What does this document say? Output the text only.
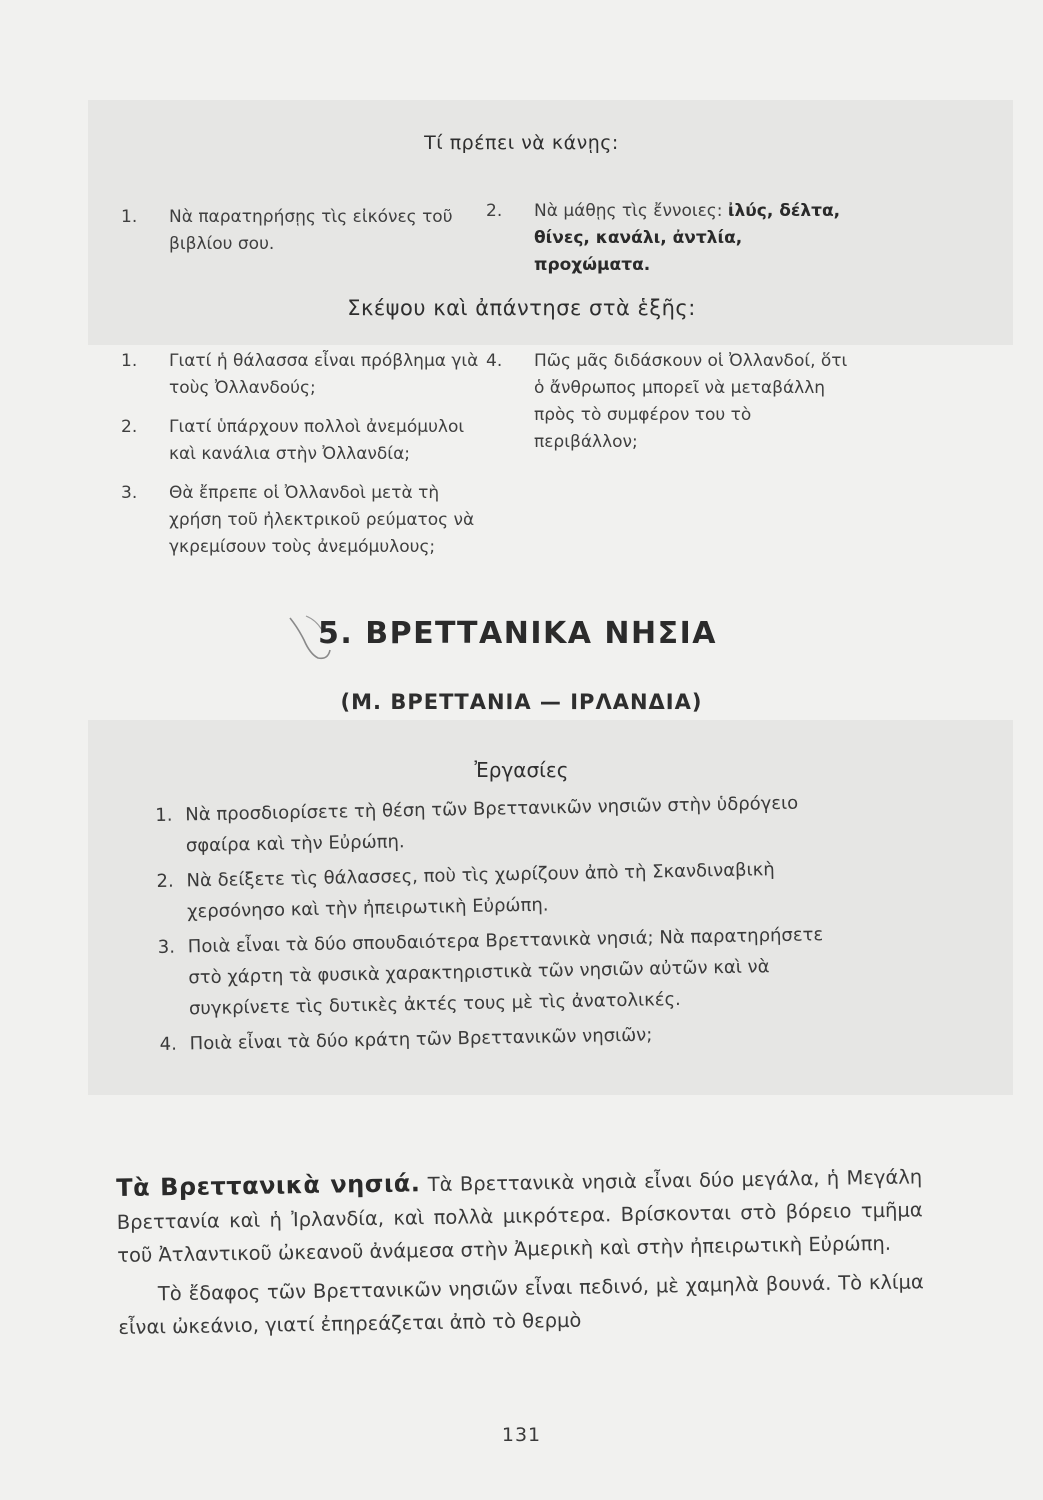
Τί πρέπει νὰ κάνῃς:
1. Νὰ παρατηρήσῃς τὶς εἰκόνες τοῦ βιβλίου σου.
2. Νὰ μάθῃς τὶς ἔννοιες: ἰλύς, δέλτα, θίνες, κανάλι, ἀντλία, προχώματα.
Σκέψου καὶ ἀπάντησε στὰ ἑξῆς:
1. Γιατί ἡ θάλασσα εἶναι πρόβλημα γιὰ τοὺς Ὀλλανδούς;
2. Γιατί ὑπάρχουν πολλοὶ ἀνεμόμυλοι καὶ κανάλια στὴν Ὀλλανδία;
3. Θὰ ἔπρεπε οἱ Ὀλλανδοὶ μετὰ τὴ χρήση τοῦ ἠλεκτρικοῦ ρεύματος νὰ γκρεμίσουν τοὺς ἀνεμόμυλους;
4. Πῶς μᾶς διδάσκουν οἱ Ὀλλανδοί, ὅτι ὁ ἄνθρωπος μπορεῖ νὰ μεταβάλλη πρὸς τὸ συμφέρον του τὸ περιβάλλον;
5. ΒΡΕΤΤΑΝΙΚΑ ΝΗΣΙΑ
(Μ. ΒΡΕΤΤΑΝΙΑ — ΙΡΛΑΝΔΙΑ)
Ἐργασίες
1. Νὰ προσδιορίσετε τὴ θέση τῶν Βρεττανικῶν νησιῶν στὴν ὑδρόγειο σφαίρα καὶ τὴν Εὐρώπη.
2. Νὰ δείξετε τὶς θάλασσες, ποὺ τὶς χωρίζουν ἀπὸ τὴ Σκανδιναβικὴ χερσόνησο καὶ τὴν ἠπειρωτικὴ Εὐρώπη.
3. Ποιὰ εἶναι τὰ δύο σπουδαιότερα Βρεττανικὰ νησιά; Νὰ παρατηρήσετε στὸ χάρτη τὰ φυσικὰ χαρακτηριστικὰ τῶν νησιῶν αὐτῶν καὶ νὰ συγκρίνετε τὶς δυτικὲς ἀκτές τους μὲ τὶς ἀνατολικές.
4. Ποιὰ εἶναι τὰ δύο κράτη τῶν Βρεττανικῶν νησιῶν;

Τὰ Βρεττανικὰ νησιά. Τὰ Βρεττανικὰ νησιὰ εἶναι δύο μεγάλα, ἡ Μεγάλη Βρεττανία καὶ ἡ Ἰρλανδία, καὶ πολλὰ μικρότερα. Βρίσκονται στὸ βόρειο τμῆμα τοῦ Ἀτλαντικοῦ ὠκεανοῦ ἀνάμεσα στὴν Ἀμερικὴ καὶ στὴν ἠπειρωτικὴ Εὐρώπη.

Τὸ ἔδαφος τῶν Βρεττανικῶν νησιῶν εἶναι πεδινό, μὲ χαμηλὰ βουνά. Τὸ κλίμα εἶναι ὠκεάνιο, γιατί ἐπηρεάζεται ἀπὸ τὸ θερμὸ

131
